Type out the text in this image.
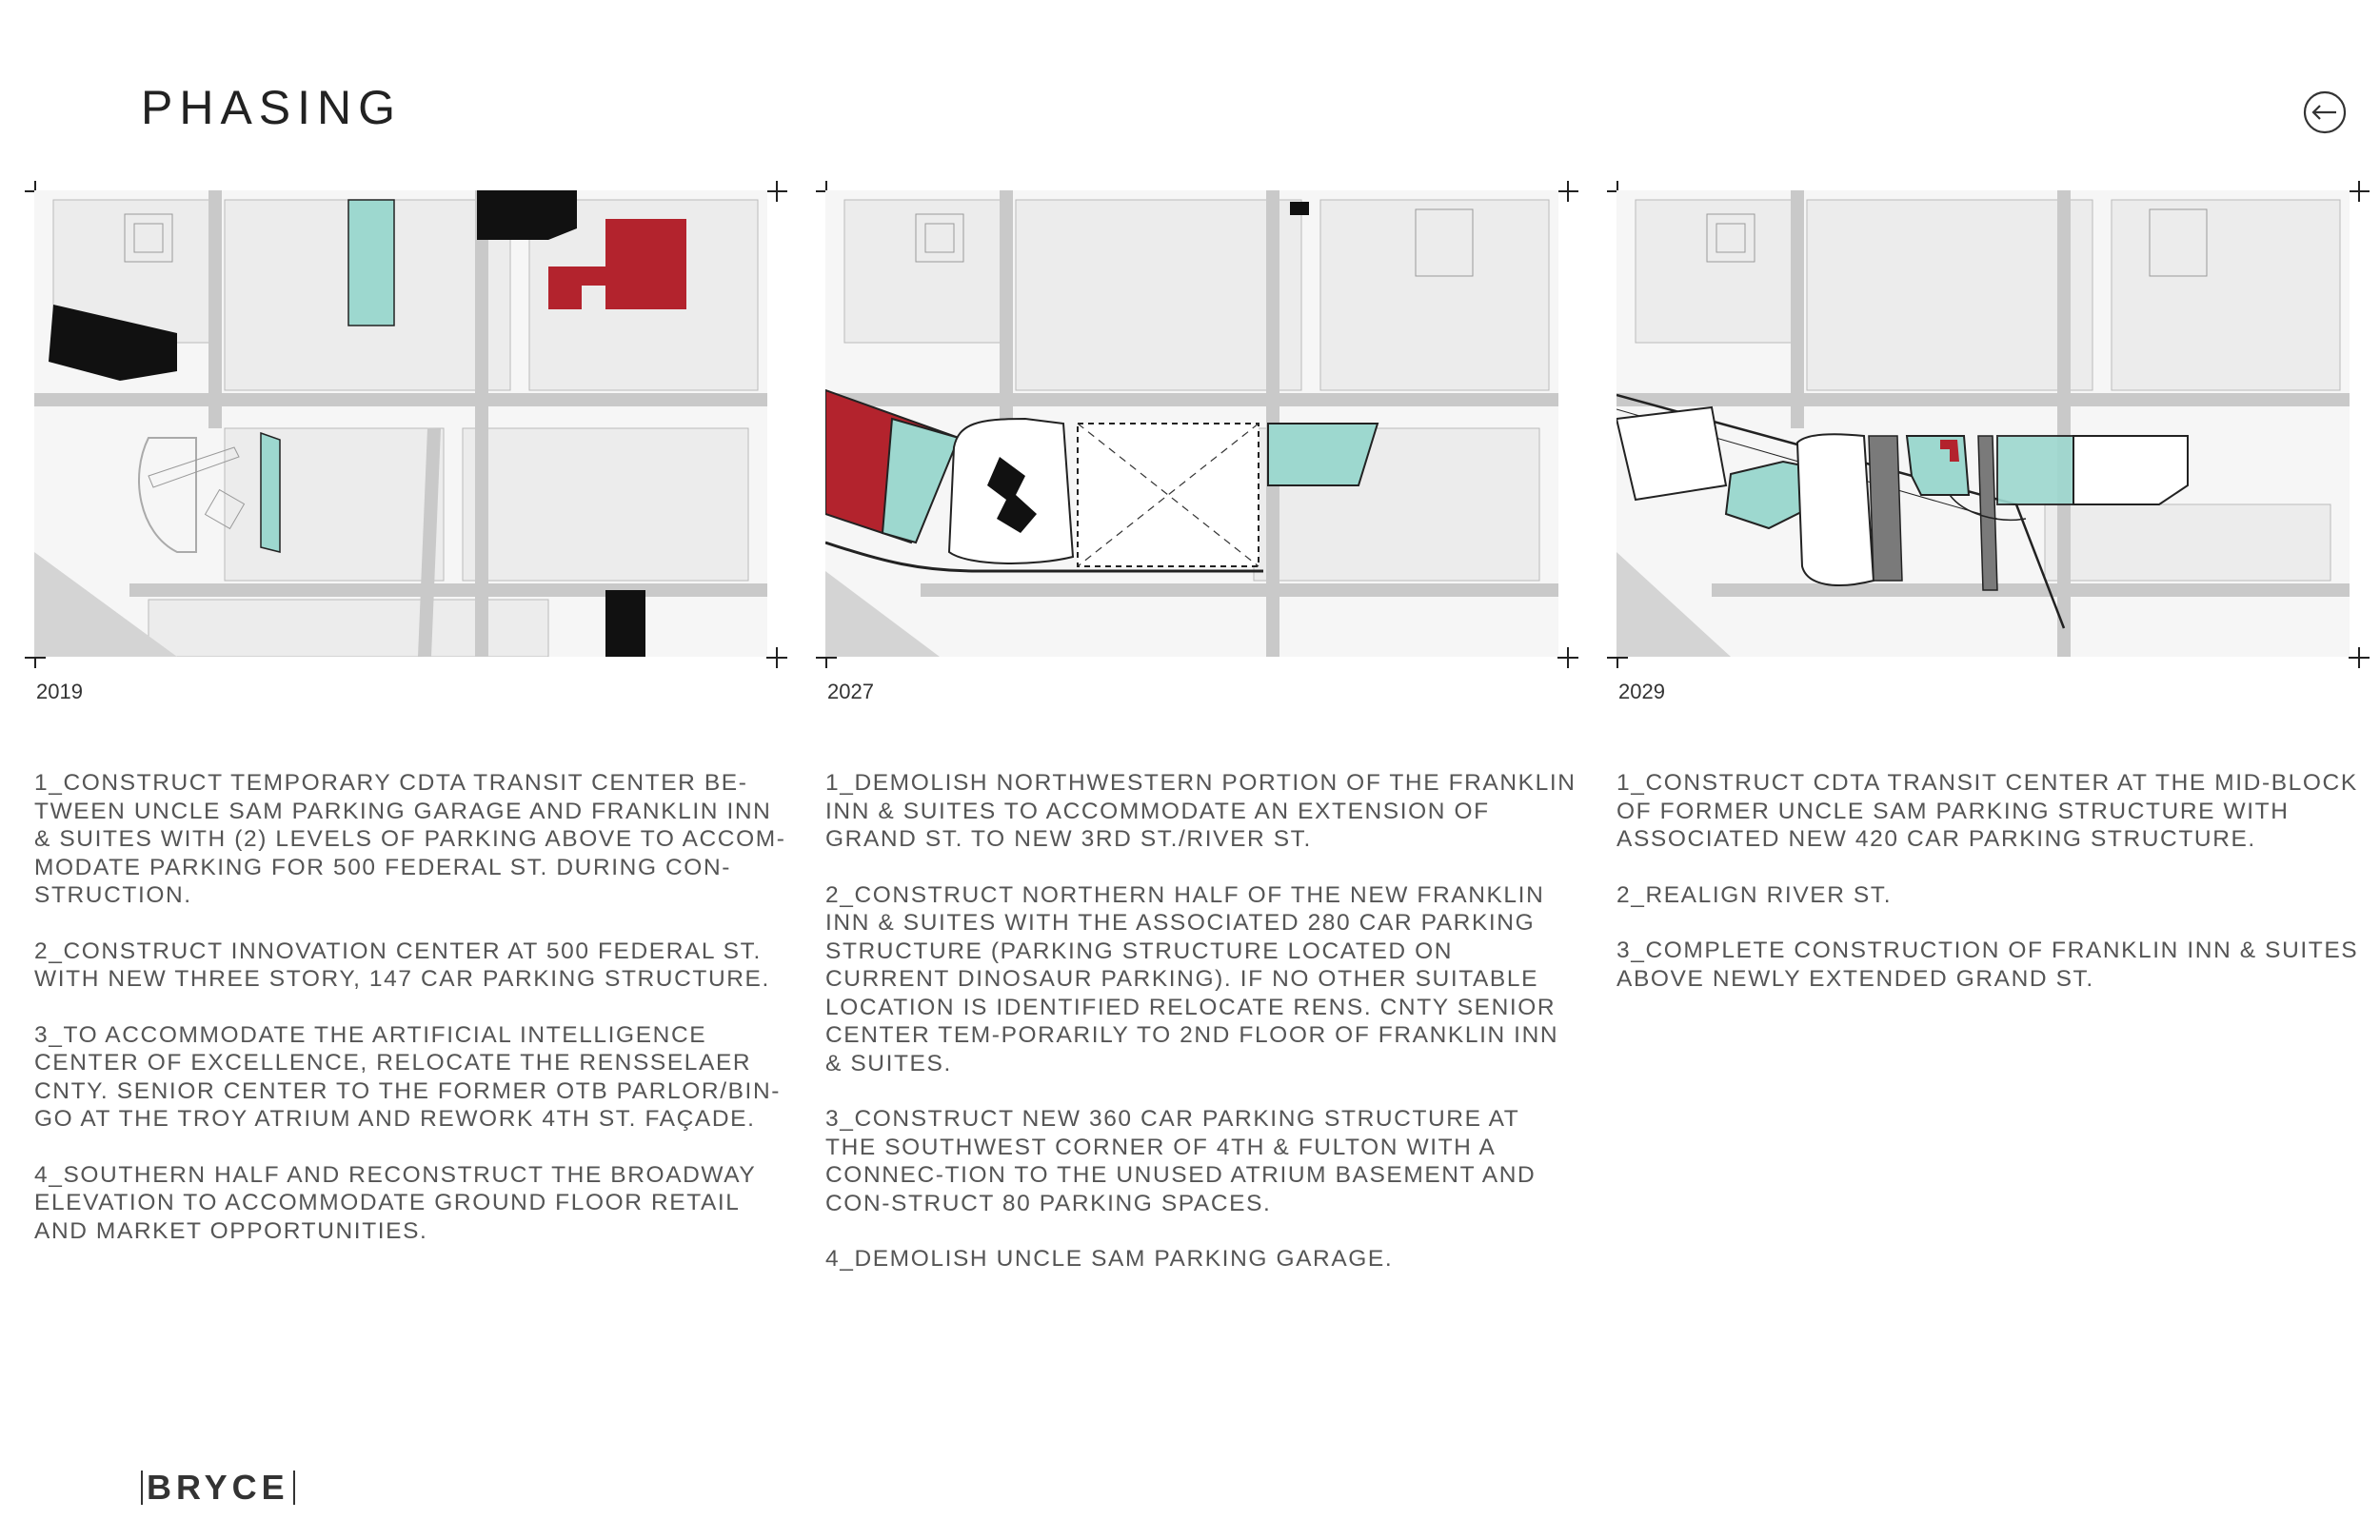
PHASING
2019

1_CONSTRUCT TEMPORARY CDTA TRANSIT CENTER BE-TWEEN UNCLE SAM PARKING GARAGE AND FRANKLIN INN & SUITES WITH (2) LEVELS OF PARKING ABOVE TO ACCOM-MODATE PARKING FOR 500 FEDERAL ST. DURING CON-STRUCTION.

2_CONSTRUCT INNOVATION CENTER AT 500 FEDERAL ST. WITH NEW THREE STORY, 147 CAR PARKING STRUCTURE.

3_TO ACCOMMODATE THE ARTIFICIAL INTELLIGENCE CENTER OF EXCELLENCE, RELOCATE THE RENSSELAER CNTY. SENIOR CENTER TO THE FORMER OTB PARLOR/BIN-GO AT THE TROY ATRIUM AND REWORK 4TH ST. FAÇADE.

4_SOUTHERN HALF AND RECONSTRUCT THE BROADWAY ELEVATION TO ACCOMMODATE GROUND FLOOR RETAIL AND MARKET OPPORTUNITIES.

2027

1_DEMOLISH NORTHWESTERN PORTION OF THE FRANKLIN INN & SUITES TO ACCOMMODATE AN EXTENSION OF GRAND ST. TO NEW 3RD ST./RIVER ST.

2_CONSTRUCT NORTHERN HALF OF THE NEW FRANKLIN INN & SUITES WITH THE ASSOCIATED 280 CAR PARKING STRUCTURE (PARKING STRUCTURE LOCATED ON CURRENT DINOSAUR PARKING). IF NO OTHER SUITABLE LOCATION IS IDENTIFIED RELOCATE RENS. CNTY SENIOR CENTER TEM-PORARILY TO 2ND FLOOR OF FRANKLIN INN & SUITES.

3_CONSTRUCT NEW 360 CAR PARKING STRUCTURE AT THE SOUTHWEST CORNER OF 4TH & FULTON WITH A CONNEC-TION TO THE UNUSED ATRIUM BASEMENT AND CON-STRUCT 80 PARKING SPACES.

4_DEMOLISH UNCLE SAM PARKING GARAGE.

2029

1_CONSTRUCT CDTA TRANSIT CENTER AT THE MID-BLOCK OF FORMER UNCLE SAM PARKING STRUCTURE WITH ASSOCIATED NEW 420 CAR PARKING STRUCTURE.

2_REALIGN RIVER ST.

3_COMPLETE CONSTRUCTION OF FRANKLIN INN & SUITES ABOVE NEWLY EXTENDED GRAND ST.

BRYCE
